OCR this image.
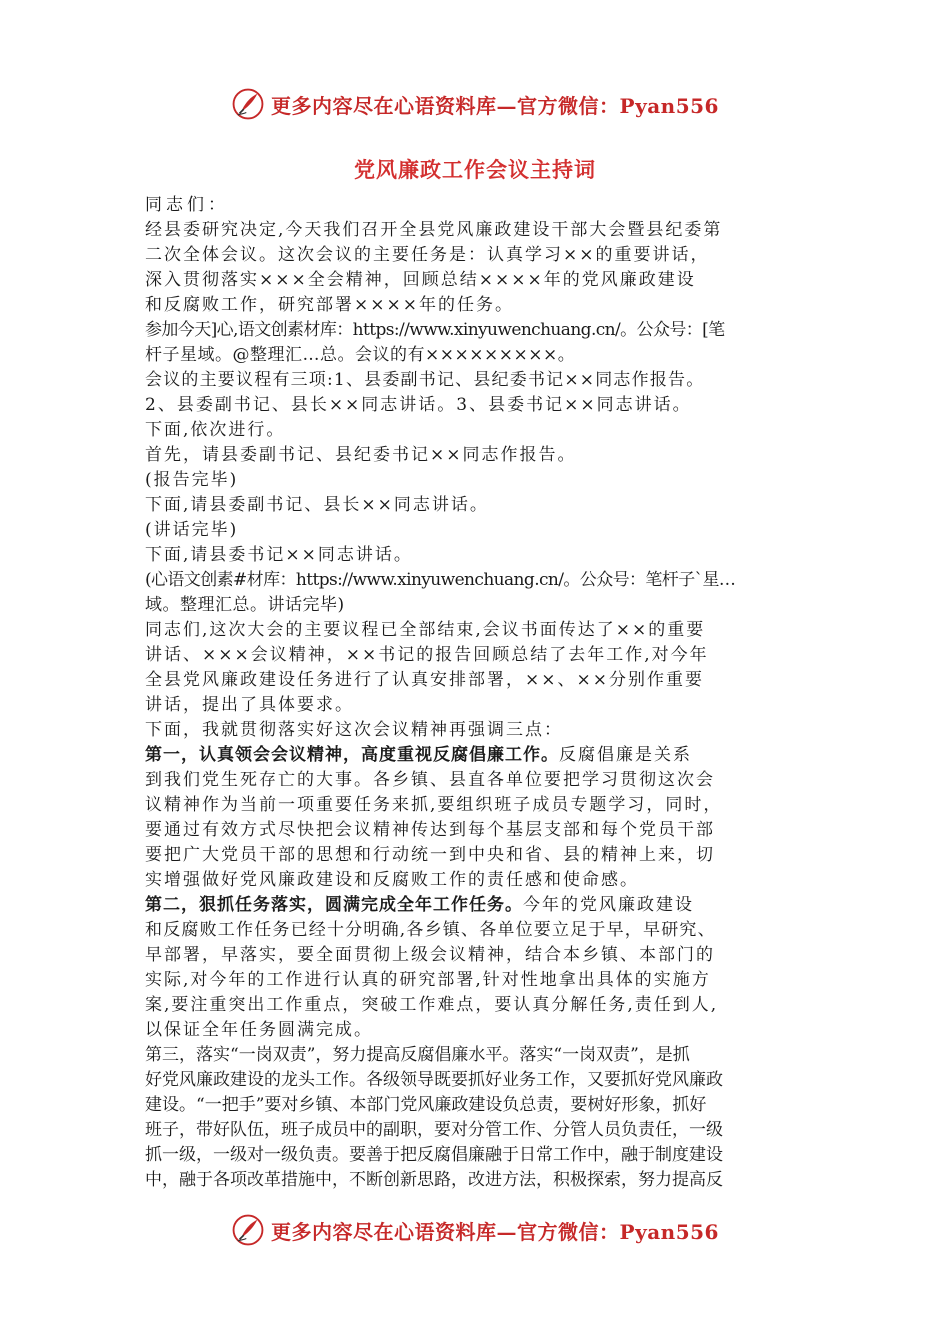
更多内容尽在心语资料库—官方微信：Pyan556
党风廉政工作会议主持词
同志们：
经县委研究决定,今天我们召开全县党风廉政建设干部大会暨县纪委第
二次全体会议。这次会议的主要任务是：认真学习××的重要讲话，
深入贯彻落实×××全会精神，回顾总结××××年的党风廉政建设
和反腐败工作，研究部署××××年的任务。
参加今天]心,语文创素材库：https://www.xinyuwenchuang.cn/。公众号：[笔
杆子星域。@整理汇…总。会议的有×××××××××。
会议的主要议程有三项:1、县委副书记、县纪委书记××同志作报告。
2、县委副书记、县长××同志讲话。3、县委书记××同志讲话。
下面,依次进行。
首先，请县委副书记、县纪委书记××同志作报告。
(报告完毕)
下面,请县委副书记、县长××同志讲话。
(讲话完毕)
下面,请县委书记××同志讲话。
(心语文创素#材库：https://www.xinyuwenchuang.cn/。公众号：笔杆子`星…
域。整理汇总。讲话完毕)
同志们,这次大会的主要议程已全部结束,会议书面传达了××的重要
讲话、×××会议精神，××书记的报告回顾总结了去年工作,对今年
全县党风廉政建设任务进行了认真安排部署，××、××分别作重要
讲话，提出了具体要求。
下面，我就贯彻落实好这次会议精神再强调三点：
第一，认真领会会议精神，高度重视反腐倡廉工作。反腐倡廉是关系
到我们党生死存亡的大事。各乡镇、县直各单位要把学习贯彻这次会
议精神作为当前一项重要任务来抓,要组织班子成员专题学习，同时，
要通过有效方式尽快把会议精神传达到每个基层支部和每个党员干部
要把广大党员干部的思想和行动统一到中央和省、县的精神上来，切
实增强做好党风廉政建设和反腐败工作的责任感和使命感。
第二，狠抓任务落实，圆满完成全年工作任务。今年的党风廉政建设
和反腐败工作任务已经十分明确,各乡镇、各单位要立足于早，早研究、
早部署，早落实，要全面贯彻上级会议精神，结合本乡镇、本部门的
实际,对今年的工作进行认真的研究部署,针对性地拿出具体的实施方
案,要注重突出工作重点，突破工作难点，要认真分解任务,责任到人,
以保证全年任务圆满完成。
第三，落实“一岗双责”，努力提高反腐倡廉水平。落实“一岗双责”，是抓
好党风廉政建设的龙头工作。各级领导既要抓好业务工作，又要抓好党风廉政
建设。“一把手”要对乡镇、本部门党风廉政建设负总责，要树好形象，抓好
班子，带好队伍，班子成员中的副职，要对分管工作、分管人员负责任，一级
抓一级，一级对一级负责。要善于把反腐倡廉融于日常工作中，融于制度建设
中，融于各项改革措施中，不断创新思路，改进方法，积极探索，努力提高反
更多内容尽在心语资料库—官方微信：Pyan556
